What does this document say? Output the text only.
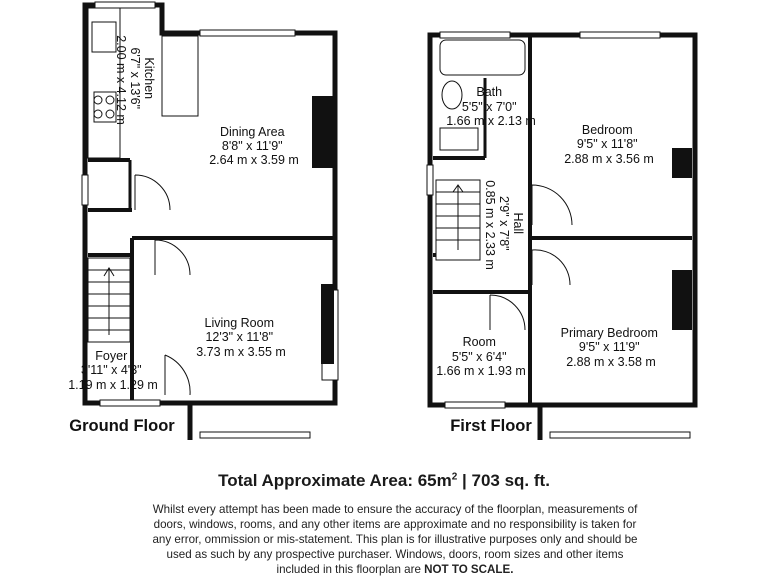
Kitchen 6'7" x 13'6" 2.00 m x 4.12 m
Dining Area 8'8" x 11'9" 2.64 m x 3.59 m
Living Room 12'3" x 11'8" 3.73 m x 3.55 m
Foyer 3'11" x 4'3" 1.19 m x 1.29 m
Bath 5'5" x 7'0" 1.66 m x 2.13 m
Bedroom 9'5" x 11'8" 2.88 m x 3.56 m
Hall 2'9" x 7'8" 0.85 m x 2.33 m
Room 5'5" x 6'4" 1.66 m x 1.93 m
Primary Bedroom 9'5" x 11'9" 2.88 m x 3.58 m
Ground Floor	First Floor
Total Approximate Area: $65m^2$ | 703 sq. ft.
Whilst every attempt has been made to ensure the accuracy of the floorplan, measurements of doors, windows, rooms, and any other items are approximate and no responsibility is taken for any error, ommission or mis-statement. This plan is for illustrative purposes only and should be used as such by any prospective purchaser. Windows, doors, room sizes and other items included in this floorplan are NOT TO SCALE.
